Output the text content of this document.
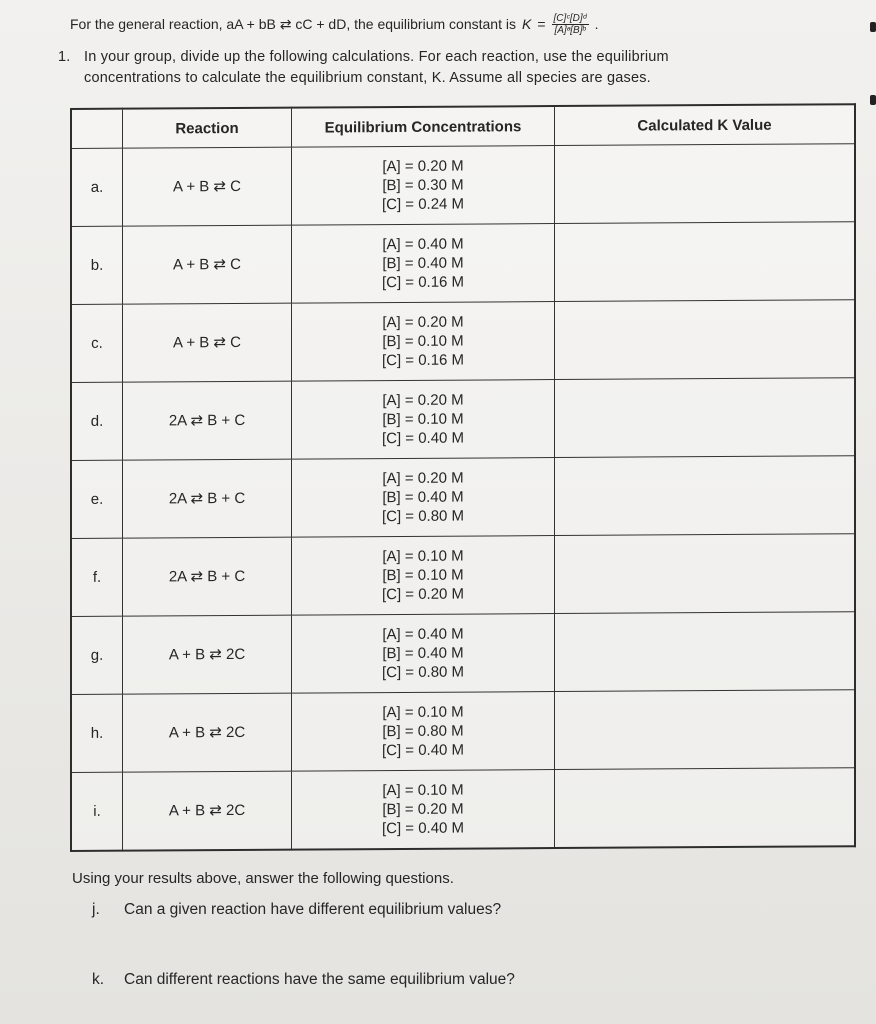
For the general reaction, aA + bB ⇄ cC + dD, the equilibrium constant is $K = \frac{\text{[C]ᶜ[D]ᵈ}}{\text{[A]ᵃ[B]ᵇ}}$ .
1. In your group, divide up the following calculations. For each reaction, use the equilibrium
concentrations to calculate the equilibrium constant, K. Assume all species are gases.
	Reaction	Equilibrium Concentrations	Calculated K Value
a.	A + B ⇄ C	[A] = 0.20 M
[B] = 0.30 M
[C] = 0.24 M	

b.	A + B ⇄ C	[A] = 0.40 M
[B] = 0.40 M
[C] = 0.16 M	

c.	A + B ⇄ C	[A] = 0.20 M
[B] = 0.10 M
[C] = 0.16 M	

d.	2A ⇄ B + C	[A] = 0.20 M
[B] = 0.10 M
[C] = 0.40 M	

e.	2A ⇄ B + C	[A] = 0.20 M
[B] = 0.40 M
[C] = 0.80 M	

f.	2A ⇄ B + C	[A] = 0.10 M
[B] = 0.10 M
[C] = 0.20 M	

g.	A + B ⇄ 2C	[A] = 0.40 M
[B] = 0.40 M
[C] = 0.80 M	

h.	A + B ⇄ 2C	[A] = 0.10 M
[B] = 0.80 M
[C] = 0.40 M	

i.	A + B ⇄ 2C	[A] = 0.10 M
[B] = 0.20 M
[C] = 0.40 M	

Using your results above, answer the following questions.
j. Can a given reaction have different equilibrium values?
k. Can different reactions have the same equilibrium value?
